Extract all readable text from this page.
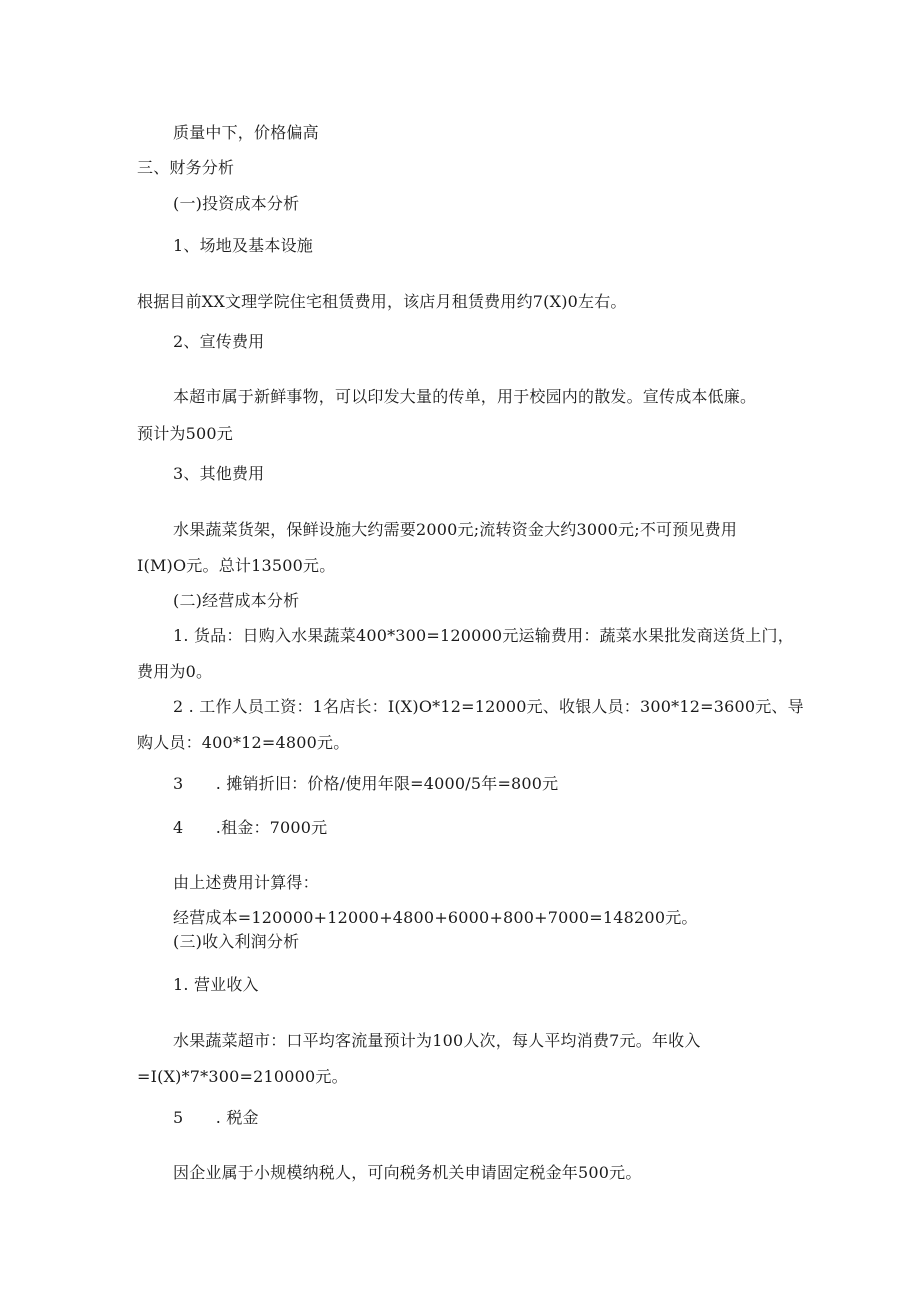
质量中下，价格偏高
三、财务分析
(一)投资成本分析
1、场地及基本设施
根据目前XX文理学院住宅租赁费用，该店月租赁费用约7(X)0左右。
2、宣传费用
本超市属于新鲜事物，可以印发大量的传单，用于校园内的散发。宣传成本低廉。
预计为500元
3、其他费用
水果蔬菜货架，保鲜设施大约需要2000元;流转资金大约3000元;不可预见费用
I(M)O元。总计13500元。
(二)经营成本分析
1. 货品：日购入水果蔬菜400*300=120000元运输费用：蔬菜水果批发商送货上门，
费用为0。
2 . 工作人员工资：1名店长：I(X)O*12=12000元、收银人员：300*12=3600元、导
购人员：400*12=4800元。
3　　. 摊销折旧：价格/使用年限=4000/5年=800元
4　　.租金：7000元
由上述费用计算得：
经营成本=120000+12000+4800+6000+800+7000=148200元。
(三)收入利润分析
1. 营业收入
水果蔬菜超市：口平均客流量预计为100人次，每人平均消费7元。年收入
=I(X)*7*300=210000元。
5　　. 税金
因企业属于小规模纳税人，可向税务机关申请固定税金年500元。
